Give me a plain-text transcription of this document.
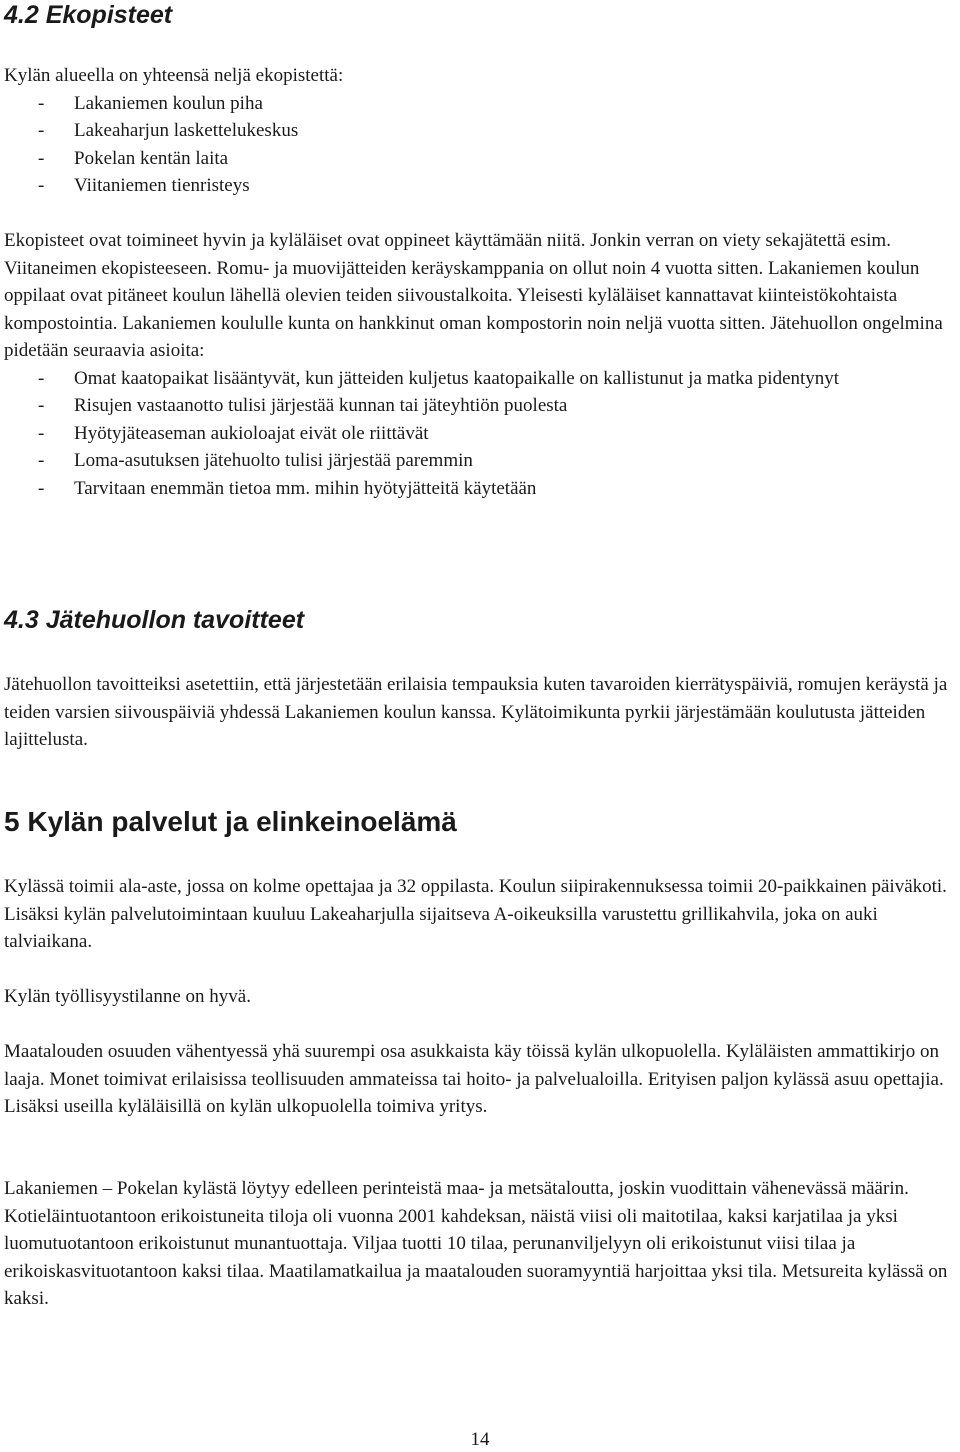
4.2 Ekopisteet

Kylän alueella on yhteensä neljä ekopistettä:

- Lakaniemen koulun piha
- Lakeaharjun laskettelukeskus
- Pokelan kentän laita
- Viitaniemen tienristeys

Ekopisteet ovat toimineet hyvin ja kyläläiset ovat oppineet käyttämään niitä. Jonkin verran on viety sekajätettä esim. Viitaneimen ekopisteeseen. Romu- ja muovijätteiden keräyskamppania on ollut noin 4 vuotta sitten. Lakaniemen koulun oppilaat ovat pitäneet koulun lähellä olevien teiden siivoustalkoita. Yleisesti kyläläiset kannattavat kiinteistökohtaista kompostointia. Lakaniemen koululle kunta on hankkinut oman kompostorin noin neljä vuotta sitten. Jätehuollon ongelmina pidetään seuraavia asioita:

- Omat kaatopaikat lisääntyvät, kun jätteiden kuljetus kaatopaikalle on kallistunut ja matka pidentynyt
- Risujen vastaanotto tulisi järjestää kunnan tai jäteyhtiön puolesta
- Hyötyjäteaseman aukioloajat eivät ole riittävät
- Loma-asutuksen jätehuolto tulisi järjestää paremmin
- Tarvitaan enemmän tietoa mm. mihin hyötyjätteitä käytetään
4.3 Jätehuollon tavoitteet

Jätehuollon tavoitteiksi asetettiin, että järjestetään erilaisia tempauksia kuten tavaroiden kierrätyspäiviä, romujen keräystä ja teiden varsien siivouspäiviä yhdessä Lakaniemen koulun kanssa. Kylätoimikunta pyrkii järjestämään koulutusta jätteiden lajittelusta.

5 Kylän palvelut ja elinkeinoelämä

Kylässä toimii ala-aste, jossa on kolme opettajaa ja 32 oppilasta. Koulun siipirakennuksessa toimii 20-paikkainen päiväkoti. Lisäksi kylän palvelutoimintaan kuuluu Lakeaharjulla sijaitseva A-oikeuksilla varustettu grillikahvila, joka on auki talviaikana.

Kylän työllisyystilanne on hyvä.

Maatalouden osuuden vähentyessä yhä suurempi osa asukkaista käy töissä kylän ulkopuolella. Kyläläisten ammattikirjo on laaja. Monet toimivat erilaisissa teollisuuden ammateissa tai hoito- ja palvelualoilla. Erityisen paljon kylässä asuu opettajia. Lisäksi useilla kyläläisillä on kylän ulkopuolella toimiva yritys.

Lakaniemen – Pokelan kylästä löytyy edelleen perinteistä maa- ja metsätaloutta, joskin vuodittain vähenevässä määrin. Kotieläintuotantoon erikoistuneita tiloja oli vuonna 2001 kahdeksan, näistä viisi oli maitotilaa, kaksi karjatilaa ja yksi luomutuotantoon erikoistunut munantuottaja. Viljaa tuotti 10 tilaa, perunanviljelyyn oli erikoistunut viisi tilaa ja erikoiskasvituotantoon kaksi tilaa. Maatilamatkailua ja maatalouden suoramyyntiä harjoittaa yksi tila. Metsureita kylässä on kaksi.

14
